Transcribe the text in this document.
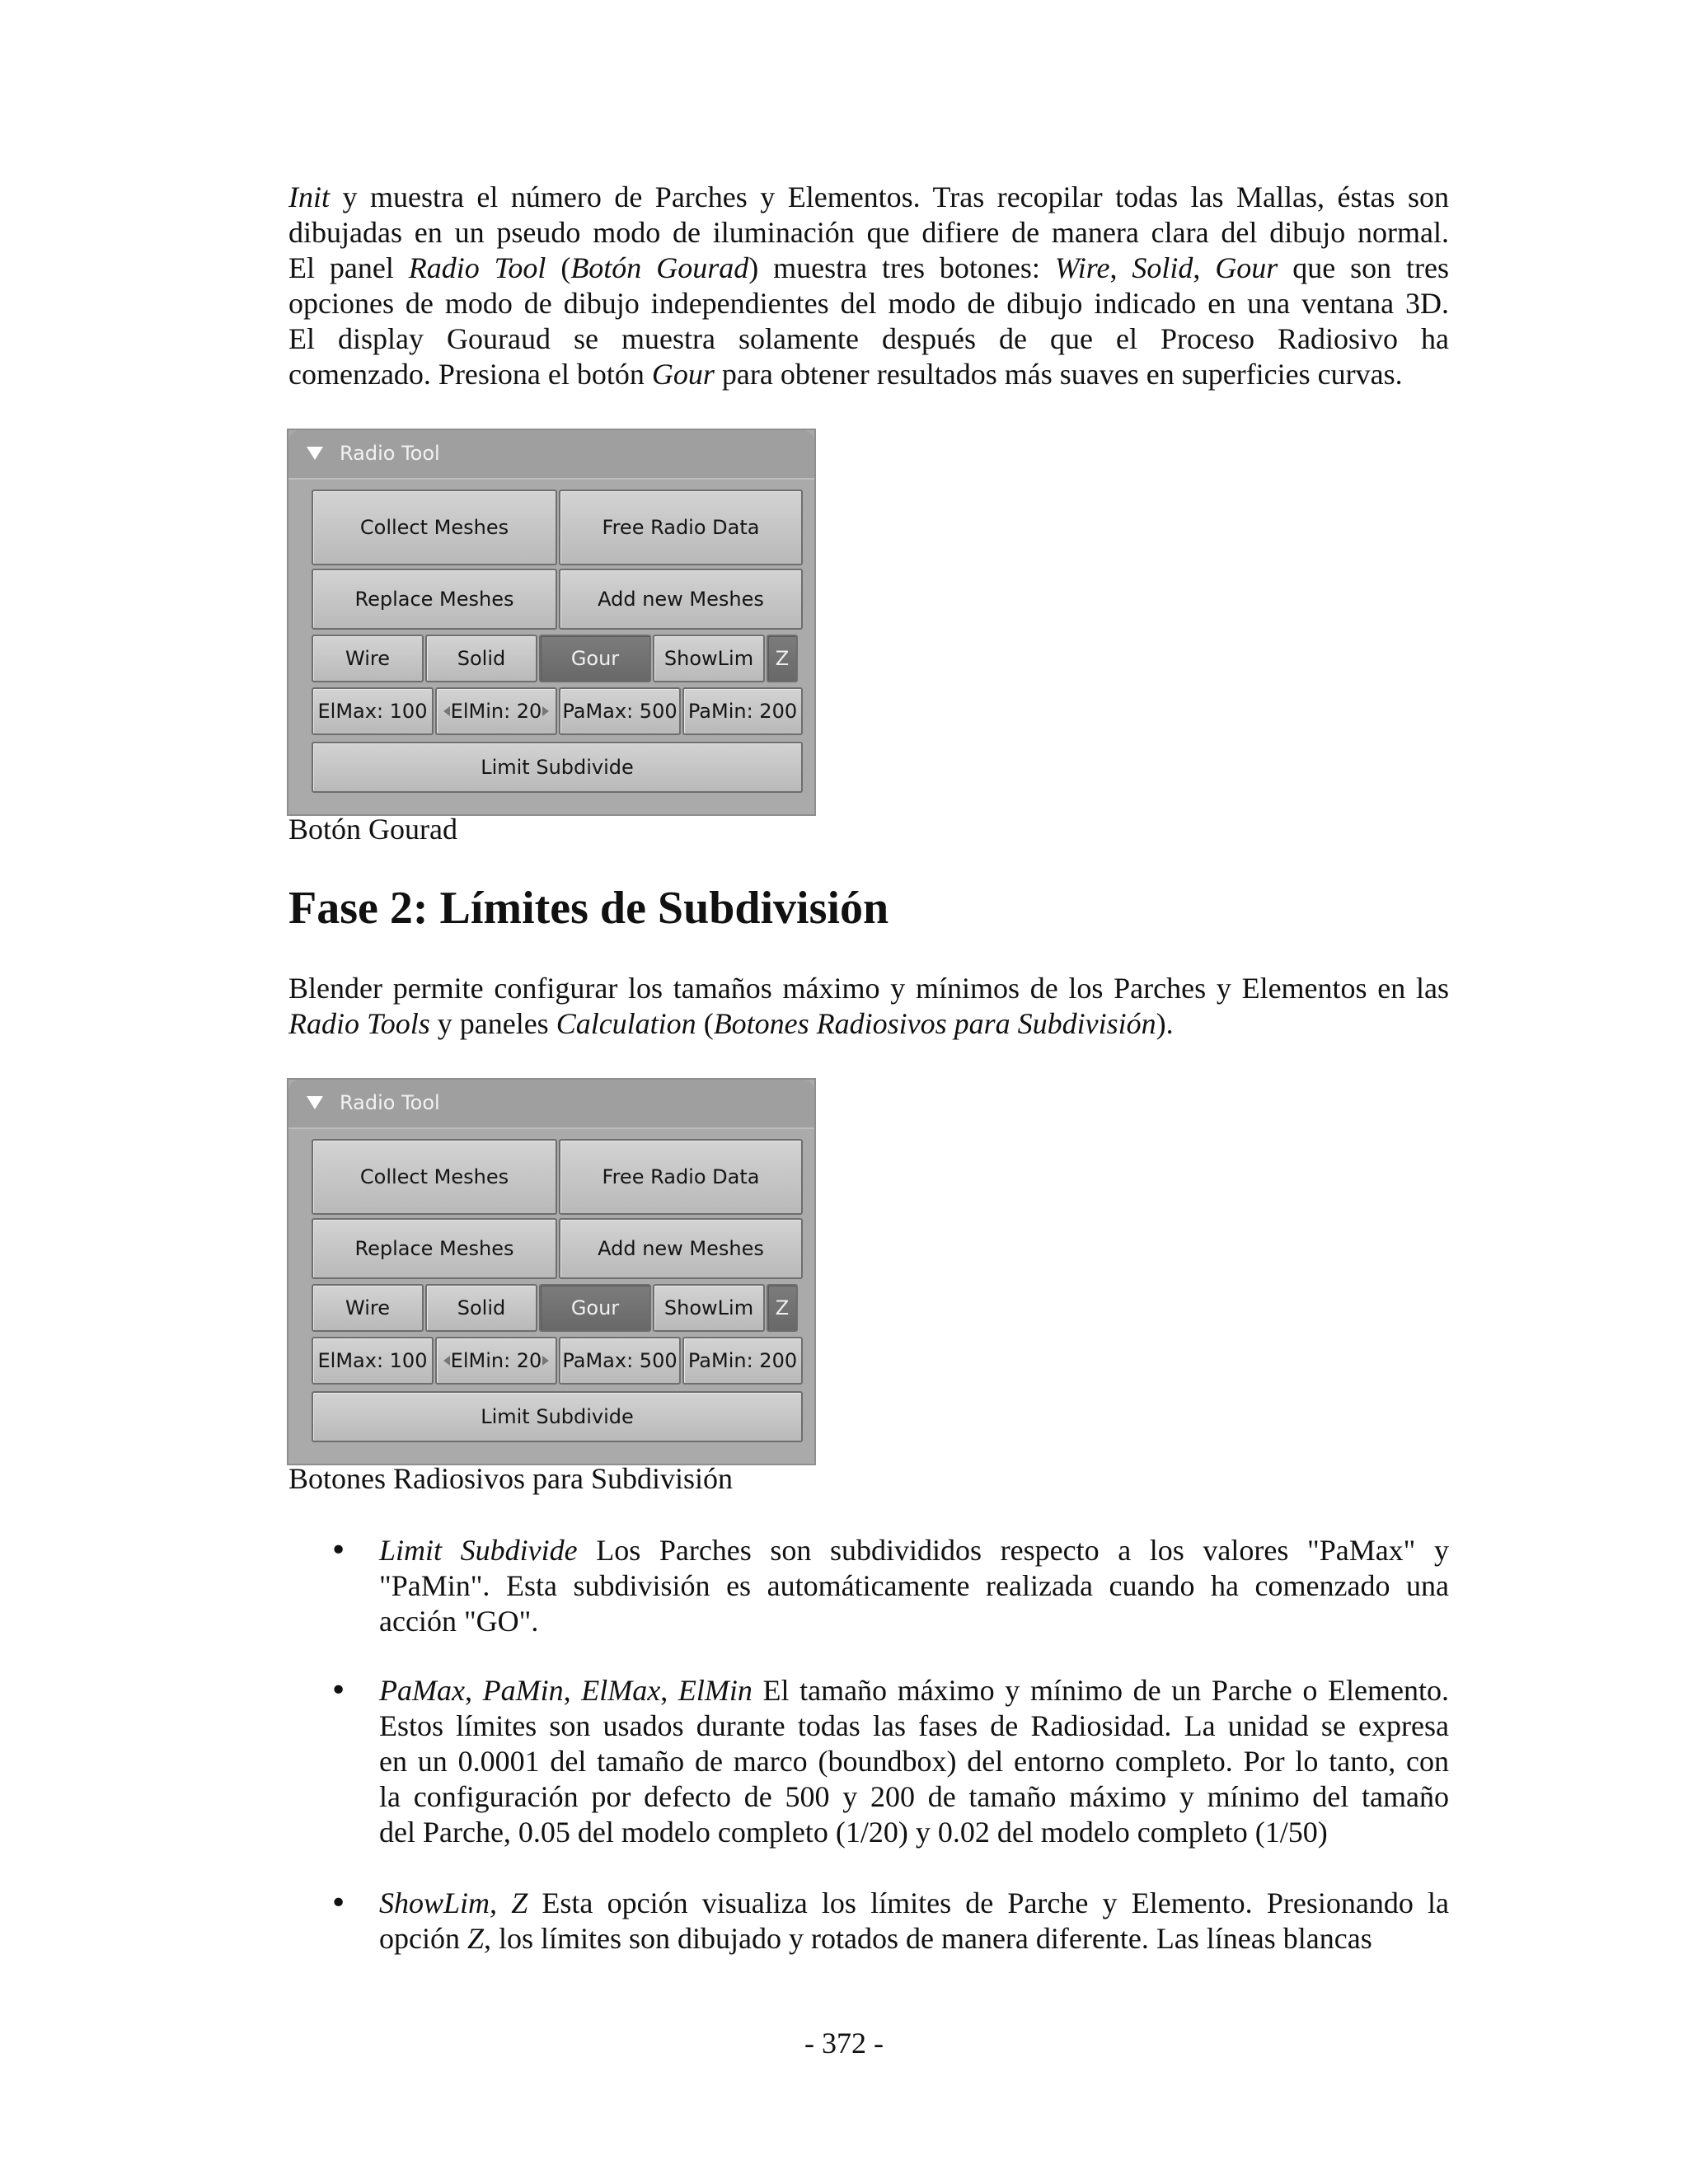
Init y muestra el número de Parches y Elementos. Tras recopilar todas las Mallas, éstas son
dibujadas en un pseudo modo de iluminación que difiere de manera clara del dibujo normal.
El panel Radio Tool (Botón Gourad) muestra tres botones: Wire, Solid, Gour que son tres
opciones de modo de dibujo independientes del modo de dibujo indicado en una ventana 3D.
El display Gouraud se muestra solamente después de que el Proceso Radiosivo ha
comenzado. Presiona el botón Gour para obtener resultados más suaves en superficies curvas.

Radio Tool
Collect Meshes	Free Radio Data
Replace Meshes	Add new Meshes
Wire	Solid	Gour ShowLim Z
ElMax: 100 ElMin: 20 PaMax: 500 PaMin: 200
Limit Subdivide
Botón Gourad
Fase 2: Límites de Subdivisión

Blender permite configurar los tamaños máximo y mínimos de los Parches y Elementos en las
Radio Tools y paneles Calculation (Botones Radiosivos para Subdivisión).

Radio Tool
Collect Meshes	Free Radio Data
Replace Meshes	Add new Meshes
Wire	Solid	Gour ShowLim Z
ElMax: 100 ElMin: 20 PaMax: 500 PaMin: 200
Limit Subdivide
Botones Radiosivos para Subdivisión
• Limit Subdivide Los Parches son subdivididos respecto a los valores "PaMax" y
"PaMin". Esta subdivisión es automáticamente realizada cuando ha comenzado una
acción "GO".

• PaMax, PaMin, ElMax, ElMin El tamaño máximo y mínimo de un Parche o Elemento.
Estos límites son usados durante todas las fases de Radiosidad. La unidad se expresa
en un 0.0001 del tamaño de marco (boundbox) del entorno completo. Por lo tanto, con
la configuración por defecto de 500 y 200 de tamaño máximo y mínimo del tamaño
del Parche, 0.05 del modelo completo (1/20) y 0.02 del modelo completo (1/50)

• ShowLim, Z Esta opción visualiza los límites de Parche y Elemento. Presionando la
opción Z, los límites son dibujado y rotados de manera diferente. Las líneas blancas

- 372 -
